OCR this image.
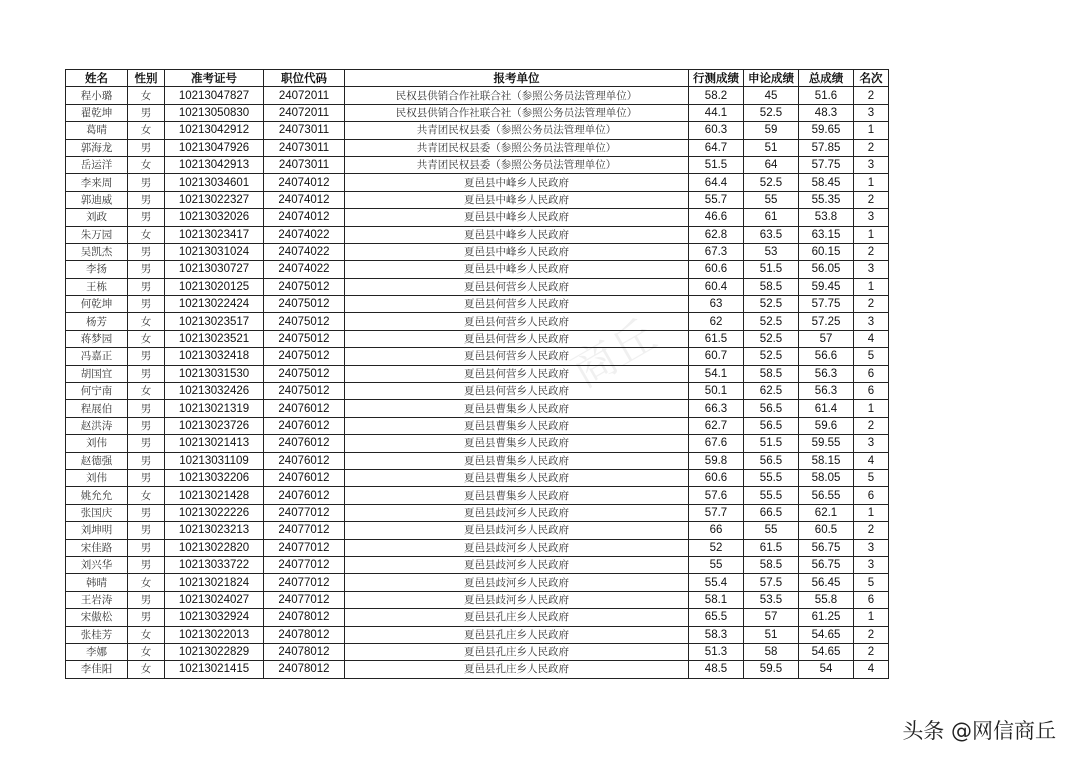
姓名	性别	准考证号	职位代码	报考单位	行测成绩	申论成绩	总成绩	名次
程小璐	女	10213047827	24072011	民权县供销合作社联合社（参照公务员法管理单位）	58.2	45	51.6	2
翟乾坤	男	10213050830	24072011	民权县供销合作社联合社（参照公务员法管理单位）	44.1	52.5	48.3	3
葛晴	女	10213042912	24073011	共青团民权县委（参照公务员法管理单位）	60.3	59	59.65	1
郭海龙	男	10213047926	24073011	共青团民权县委（参照公务员法管理单位）	64.7	51	57.85	2
岳运洋	女	10213042913	24073011	共青团民权县委（参照公务员法管理单位）	51.5	64	57.75	3
李来周	男	10213034601	24074012	夏邑县中峰乡人民政府	64.4	52.5	58.45	1
郭迪威	男	10213022327	24074012	夏邑县中峰乡人民政府	55.7	55	55.35	2
刘政	男	10213032026	24074012	夏邑县中峰乡人民政府	46.6	61	53.8	3
朱万园	女	10213023417	24074022	夏邑县中峰乡人民政府	62.8	63.5	63.15	1
吴凯杰	男	10213031024	24074022	夏邑县中峰乡人民政府	67.3	53	60.15	2
李扬	男	10213030727	24074022	夏邑县中峰乡人民政府	60.6	51.5	56.05	3
王栋	男	10213020125	24075012	夏邑县何营乡人民政府	60.4	58.5	59.45	1
何乾坤	男	10213022424	24075012	夏邑县何营乡人民政府	63	52.5	57.75	2
杨芳	女	10213023517	24075012	夏邑县何营乡人民政府	62	52.5	57.25	3
蒋梦园	女	10213023521	24075012	夏邑县何营乡人民政府	61.5	52.5	57	4
冯嘉正	男	10213032418	24075012	夏邑县何营乡人民政府	60.7	52.5	56.6	5
胡国宜	男	10213031530	24075012	夏邑县何营乡人民政府	54.1	58.5	56.3	6
何宁南	女	10213032426	24075012	夏邑县何营乡人民政府	50.1	62.5	56.3	6
程展伯	男	10213021319	24076012	夏邑县曹集乡人民政府	66.3	56.5	61.4	1
赵洪涛	男	10213023726	24076012	夏邑县曹集乡人民政府	62.7	56.5	59.6	2
刘伟	男	10213021413	24076012	夏邑县曹集乡人民政府	67.6	51.5	59.55	3
赵德强	男	10213031109	24076012	夏邑县曹集乡人民政府	59.8	56.5	58.15	4
刘伟	男	10213032206	24076012	夏邑县曹集乡人民政府	60.6	55.5	58.05	5
姚允允	女	10213021428	24076012	夏邑县曹集乡人民政府	57.6	55.5	56.55	6
张国庆	男	10213022226	24077012	夏邑县歧河乡人民政府	57.7	66.5	62.1	1
刘坤明	男	10213023213	24077012	夏邑县歧河乡人民政府	66	55	60.5	2
宋佳路	男	10213022820	24077012	夏邑县歧河乡人民政府	52	61.5	56.75	3
刘兴华	男	10213033722	24077012	夏邑县歧河乡人民政府	55	58.5	56.75	3
韩晴	女	10213021824	24077012	夏邑县歧河乡人民政府	55.4	57.5	56.45	5
王岩涛	男	10213024027	24077012	夏邑县歧河乡人民政府	58.1	53.5	55.8	6
宋傲松	男	10213032924	24078012	夏邑县孔庄乡人民政府	65.5	57	61.25	1
张桂芳	女	10213022013	24078012	夏邑县孔庄乡人民政府	58.3	51	54.65	2
李娜	女	10213022829	24078012	夏邑县孔庄乡人民政府	51.3	58	54.65	2
李佳阳	女	10213021415	24078012	夏邑县孔庄乡人民政府	48.5	59.5	54	4
商丘
头条 @网信商丘
